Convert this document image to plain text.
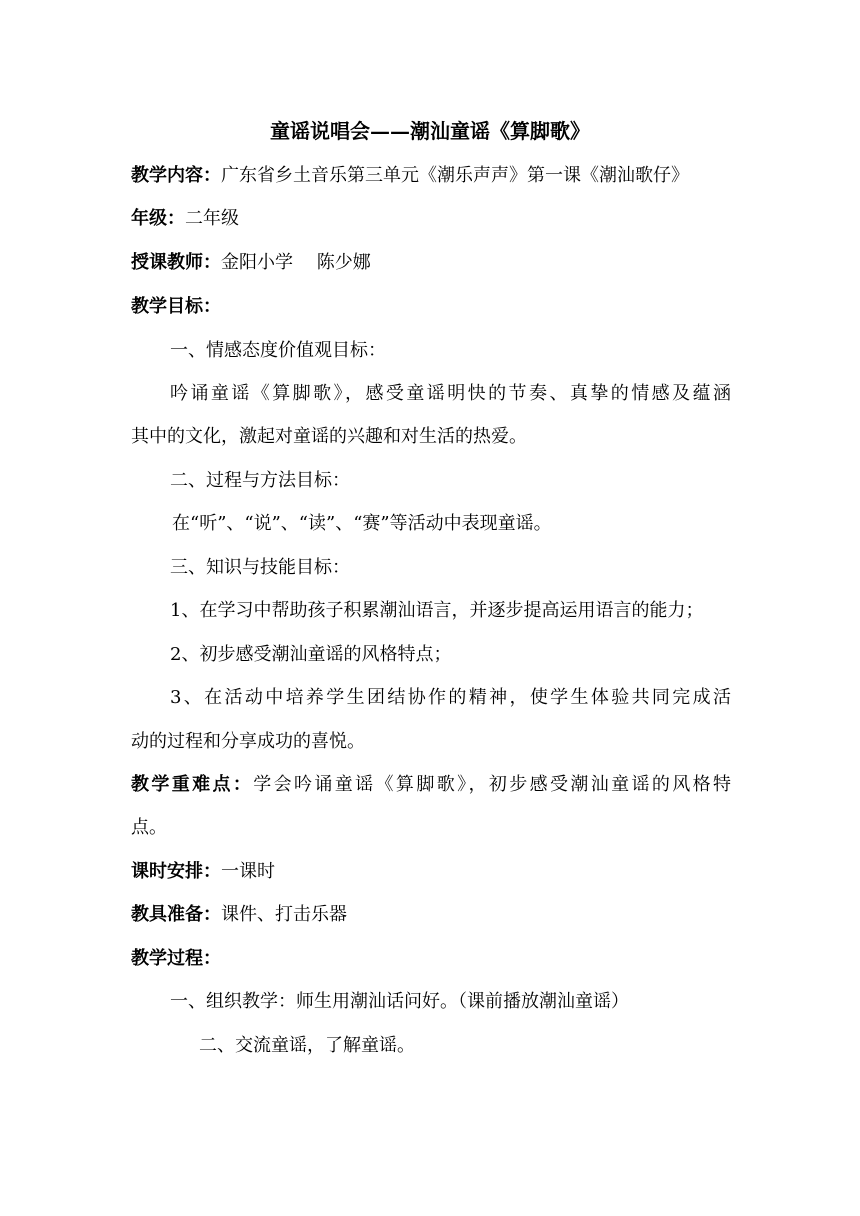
童谣说唱会——潮汕童谣《算脚歌》
教学内容：广东省乡土音乐第三单元《潮乐声声》第一课《潮汕歌仔》
年级：二年级
授课教师：金阳小学　 陈少娜
教学目标：
一、情感态度价值观目标：
吟诵童谣《算脚歌》，感受童谣明快的节奏、真挚的情感及蕴涵
其中的文化，激起对童谣的兴趣和对生活的热爱。
二、过程与方法目标：
在“听”、“说”、“读”、“赛”等活动中表现童谣。
三、知识与技能目标：
1、在学习中帮助孩子积累潮汕语言，并逐步提高运用语言的能力；
2、初步感受潮汕童谣的风格特点；
3、在活动中培养学生团结协作的精神，使学生体验共同完成活
动的过程和分享成功的喜悦。
教学重难点：学会吟诵童谣《算脚歌》，初步感受潮汕童谣的风格特
点。
课时安排：一课时
教具准备：课件、打击乐器
教学过程：
一、组织教学：师生用潮汕话问好。（课前播放潮汕童谣）
二、交流童谣，了解童谣。
